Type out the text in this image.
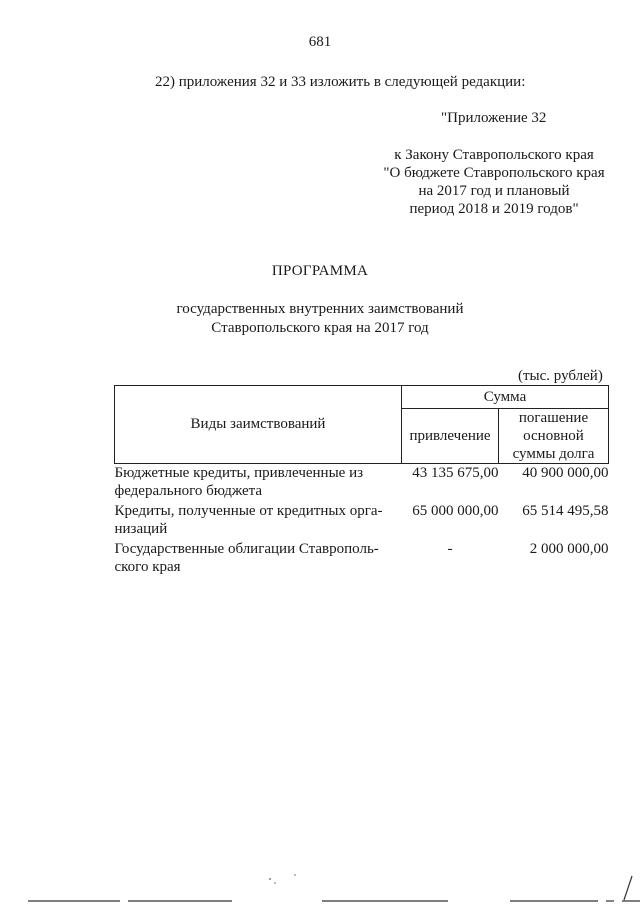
681
22) приложения 32 и 33 изложить в следующей редакции:
"Приложение 32
к Закону Ставропольского края
"О бюджете Ставропольского края
на 2017 год и плановый
период 2018 и 2019 годов"
ПРОГРАММА
государственных внутренних заимствований
Ставропольского края на 2017 год
(тыс. рублей)
Виды заимствований	Сумма	
	привлечение	погашение
основной
суммы долга

Бюджетные кредиты, привлеченные из
федерального бюджета	43 135 675,00	40 900 000,00

Кредиты, полученные от кредитных орга-
низаций	65 000 000,00	65 514 495,58

Государственные облигации Ставрополь-
ского края	-	2 000 000,00
